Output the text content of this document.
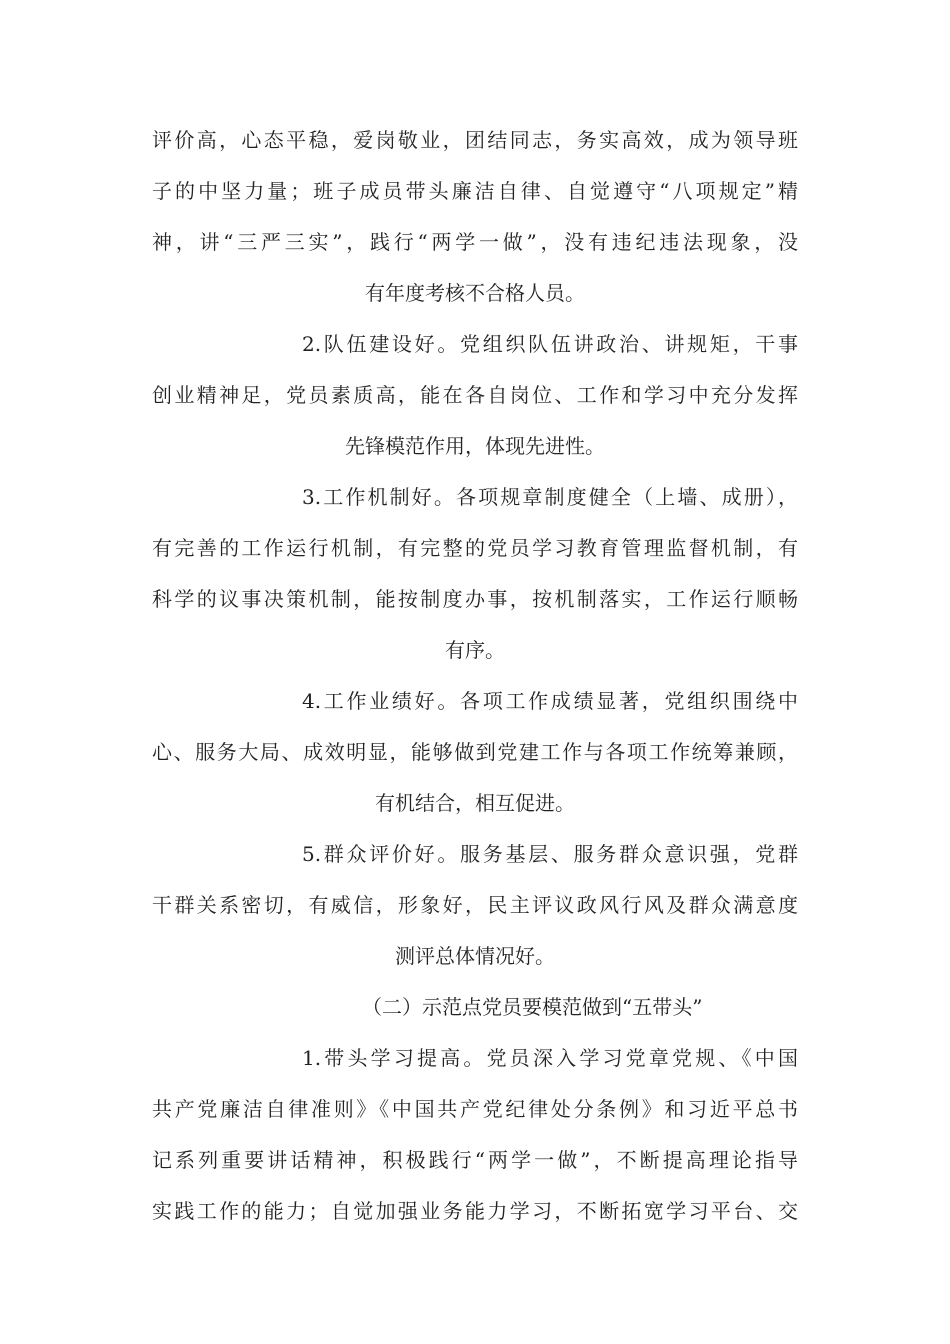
评价高，心态平稳，爱岗敬业，团结同志，务实高效，成为领导班
子的中坚力量；班子成员带头廉洁自律、自觉遵守“八项规定”精
神，讲“三严三实”，践行“两学一做”，没有违纪违法现象，没
有年度考核不合格人员。
2.队伍建设好。党组织队伍讲政治、讲规矩，干事
创业精神足，党员素质高，能在各自岗位、工作和学习中充分发挥
先锋模范作用，体现先进性。
3.工作机制好。各项规章制度健全（上墙、成册），
有完善的工作运行机制，有完整的党员学习教育管理监督机制，有
科学的议事决策机制，能按制度办事，按机制落实，工作运行顺畅
有序。
4.工作业绩好。各项工作成绩显著，党组织围绕中
心、服务大局、成效明显，能够做到党建工作与各项工作统筹兼顾，
有机结合，相互促进。
5.群众评价好。服务基层、服务群众意识强，党群
干群关系密切，有威信，形象好，民主评议政风行风及群众满意度
测评总体情况好。
（二）示范点党员要模范做到“五带头”
1.带头学习提高。党员深入学习党章党规、《中国
共产党廉洁自律准则》《中国共产党纪律处分条例》和习近平总书
记系列重要讲话精神，积极践行“两学一做”，不断提高理论指导
实践工作的能力；自觉加强业务能力学习，不断拓宽学习平台、交
